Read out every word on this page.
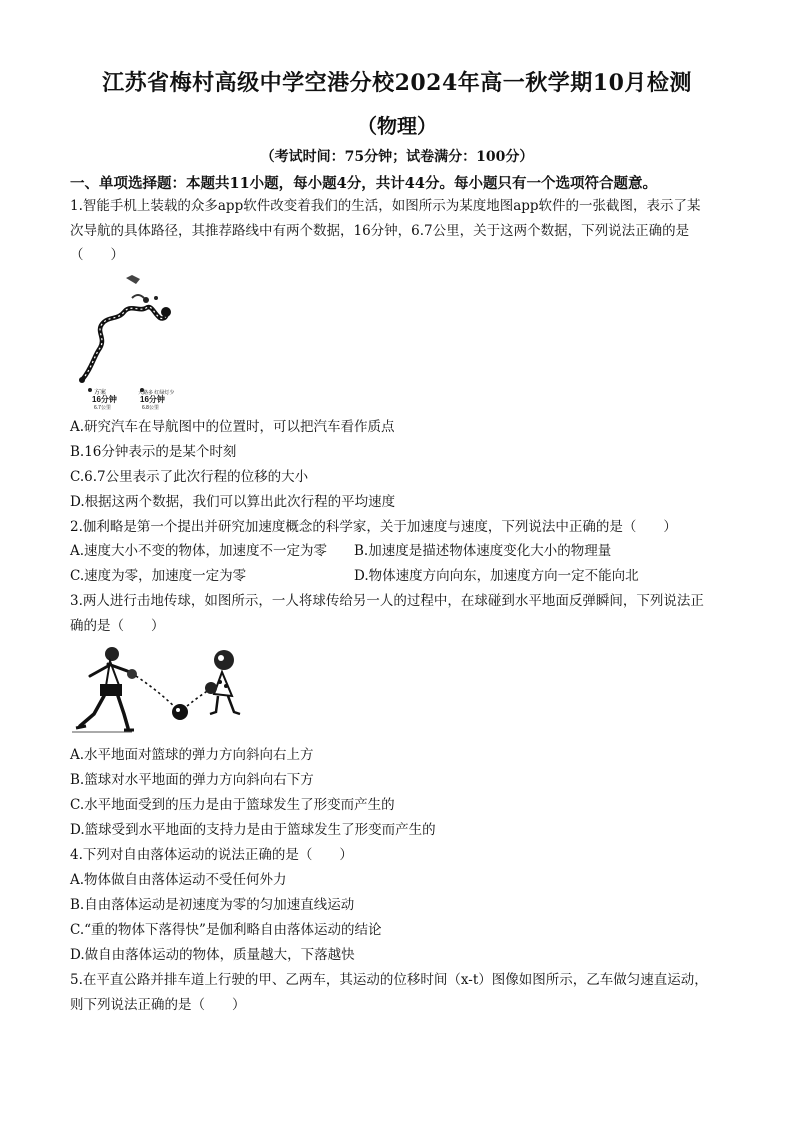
江苏省梅村高级中学空港分校2024年高一秋学期10月检测
（物理）
（考试时间：75分钟；试卷满分：100分）
一、单项选择题：本题共11小题，每小题4分，共计44分。每小题只有一个选项符合题意。
1.智能手机上装载的众多app软件改变着我们的生活，如图所示为某度地图app软件的一张截图，表示了某
次导航的具体路径，其推荐路线中有两个数据，16分钟，6.7公里，关于这两个数据，下列说法正确的是
（　　）
方案
16分钟
6.7公里
大路多 红绿灯少
16分钟
6.8公里
A.研究汽车在导航图中的位置时，可以把汽车看作质点
B.16分钟表示的是某个时刻
C.6.7公里表示了此次行程的位移的大小
D.根据这两个数据，我们可以算出此次行程的平均速度
2.伽利略是第一个提出并研究加速度概念的科学家，关于加速度与速度，下列说法中正确的是（　　）
A.速度大小不变的物体，加速度不一定为零 B.加速度是描述物体速度变化大小的物理量
C.速度为零，加速度一定为零	D.物体速度方向向东，加速度方向一定不能向北
3.两人进行击地传球，如图所示，一人将球传给另一人的过程中，在球碰到水平地面反弹瞬间，下列说法正
确的是（　　）
A.水平地面对篮球的弹力方向斜向右上方
B.篮球对水平地面的弹力方向斜向右下方
C.水平地面受到的压力是由于篮球发生了形变而产生的
D.篮球受到水平地面的支持力是由于篮球发生了形变而产生的
4.下列对自由落体运动的说法正确的是（　　）
A.物体做自由落体运动不受任何外力
B.自由落体运动是初速度为零的匀加速直线运动
C.“重的物体下落得快”是伽利略自由落体运动的结论
D.做自由落体运动的物体，质量越大，下落越快
5.在平直公路并排车道上行驶的甲、乙两车，其运动的位移时间（x-t）图像如图所示，乙车做匀速直运动，
则下列说法正确的是（　　）
